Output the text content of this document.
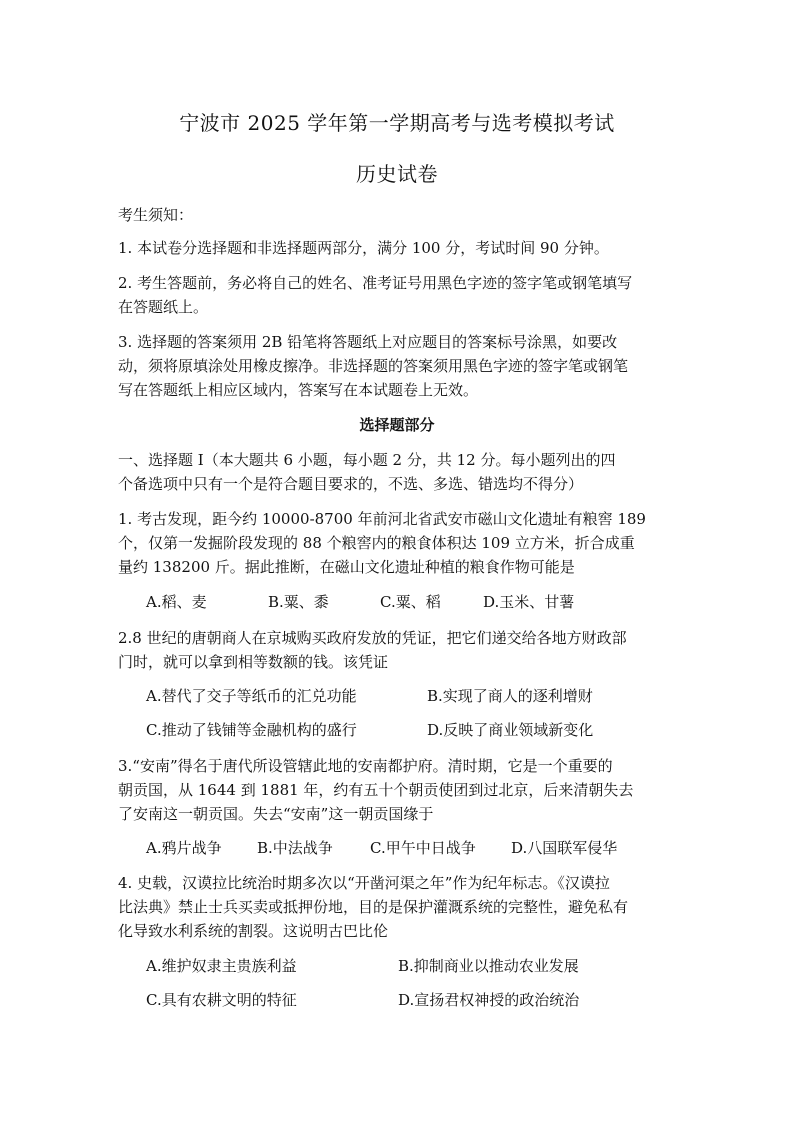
宁波市 2025 学年第一学期高考与选考模拟考试
历史试卷
考生须知：
1. 本试卷分选择题和非选择题两部分，满分 100 分，考试时间 90 分钟。
2. 考生答题前，务必将自己的姓名、准考证号用黑色字迹的签字笔或钢笔填写
在答题纸上。
3. 选择题的答案须用 2B 铅笔将答题纸上对应题目的答案标号涂黑，如要改
动，须将原填涂处用橡皮擦净。非选择题的答案须用黑色字迹的签字笔或钢笔
写在答题纸上相应区域内，答案写在本试题卷上无效。
选择题部分
一、选择题 I（本大题共 6 小题，每小题 2 分，共 12 分。每小题列出的四
个备选项中只有一个是符合题目要求的，不选、多选、错选均不得分）
1. 考古发现，距今约 10000-8700 年前河北省武安市磁山文化遗址有粮窖 189
个，仅第一发掘阶段发现的 88 个粮窖内的粮食体积达 109 立方米，折合成重
量约 138200 斤。据此推断，在磁山文化遗址种植的粮食作物可能是
A.稻、麦	B.粟、黍	C.粟、稻	D.玉米、甘薯
2.8 世纪的唐朝商人在京城购买政府发放的凭证，把它们递交给各地方财政部
门时，就可以拿到相等数额的钱。该凭证
A.替代了交子等纸币的汇兑功能	B.实现了商人的逐利增财
C.推动了钱铺等金融机构的盛行	D.反映了商业领域新变化
3.“安南”得名于唐代所设管辖此地的安南都护府。清时期，它是一个重要的
朝贡国，从 1644 到 1881 年，约有五十个朝贡使团到过北京，后来清朝失去
了安南这一朝贡国。失去“安南”这一朝贡国缘于
A.鸦片战争 B.中法战争 C.甲午中日战争 D.八国联军侵华
4. 史载，汉谟拉比统治时期多次以“开凿河渠之年”作为纪年标志。《汉谟拉
比法典》禁止士兵买卖或抵押份地，目的是保护灌溉系统的完整性，避免私有
化导致水利系统的割裂。这说明古巴比伦
A.维护奴隶主贵族利益	B.抑制商业以推动农业发展
C.具有农耕文明的特征	D.宣扬君权神授的政治统治
